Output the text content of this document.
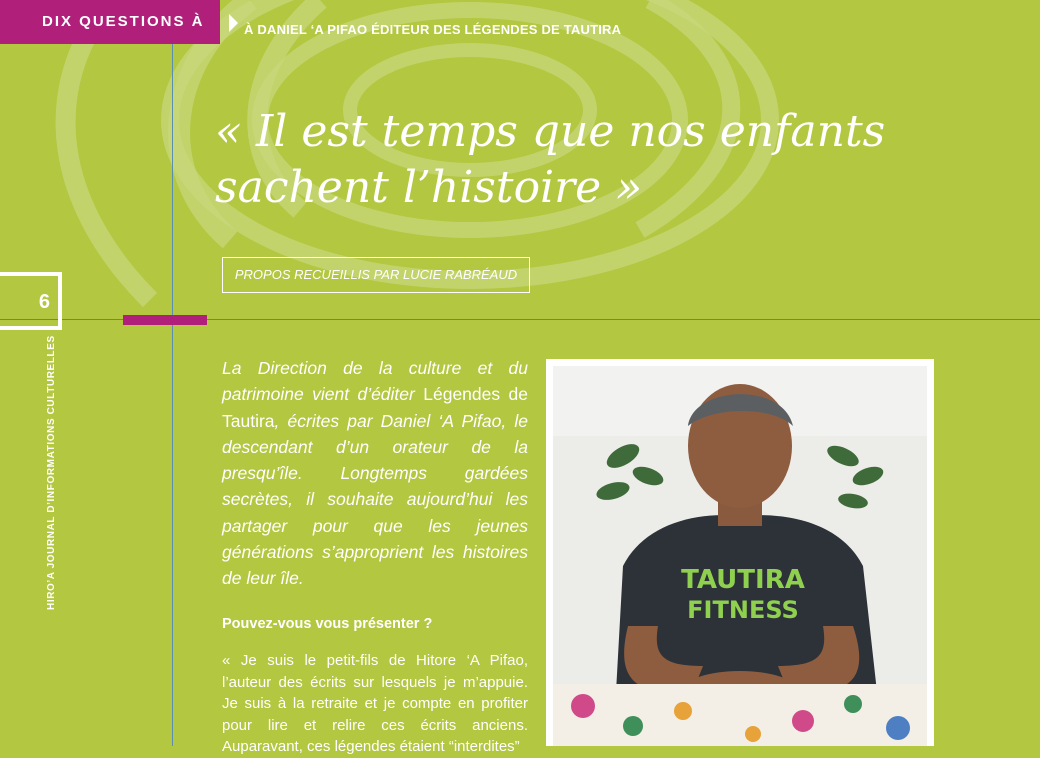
DIX QUESTIONS À	À DANIEL ‘A PIFAO ÉDITEUR DES LÉGENDES DE TAUTIRA
« Il est temps que nos enfants
sachent l’histoire »
PROPOS RECUEILLIS PAR LUCIE RABRÉAUD
6
HIRO’A JOURNAL D’INFORMATIONS CULTURELLES	La Direction de la culture et du patrimoine vient d’éditer Légendes de Tautira, écrites par Daniel ‘A Pifao, le descendant d’un orateur de la presqu’île. Longtemps gardées secrètes, il souhaite aujourd’hui les partager pour que les jeunes générations s’approprient les histoires de leur île.
Pouvez-vous vous présenter ?
« Je suis le petit-fils de Hitore ‘A Pifao, l’auteur des écrits sur lesquels je m’appuie. Je suis à la retraite et je compte en profiter pour lire et relire ces écrits anciens. Auparavant, ces légendes étaient “interdites”
TAUTIRA
FITNESS
